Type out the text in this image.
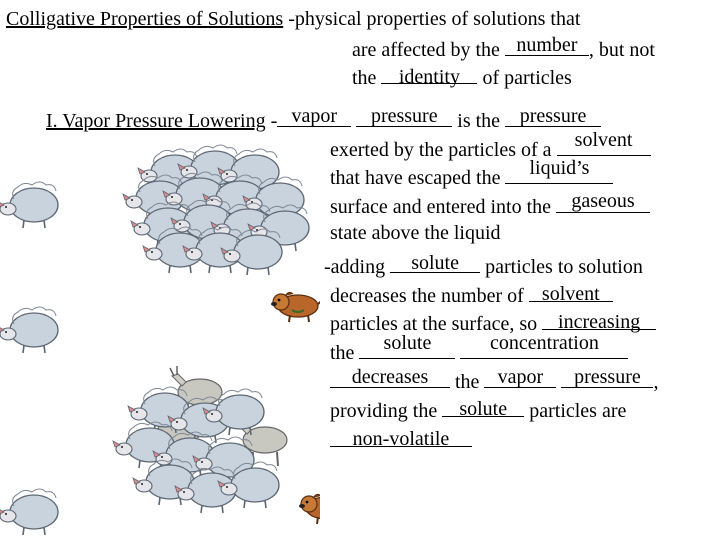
Colligative Properties of Solutions -physical properties of solutions that
are affected by the number , but not
the	identity	of particles
I. Vapor Pressure Lowering - vapor
	pressure is the pressure
exerted by the particles of a	solvent
that have escaped the	liquid’s
surface and entered into the	gaseous
state above the liquid
-adding	solute	particles to solution
decreases the number of solvent
particles at the surface, so	increasing
the	solute
	concentration
decreases	the vapor
	pressure ,
providing the	solute	particles are
non-volatile
